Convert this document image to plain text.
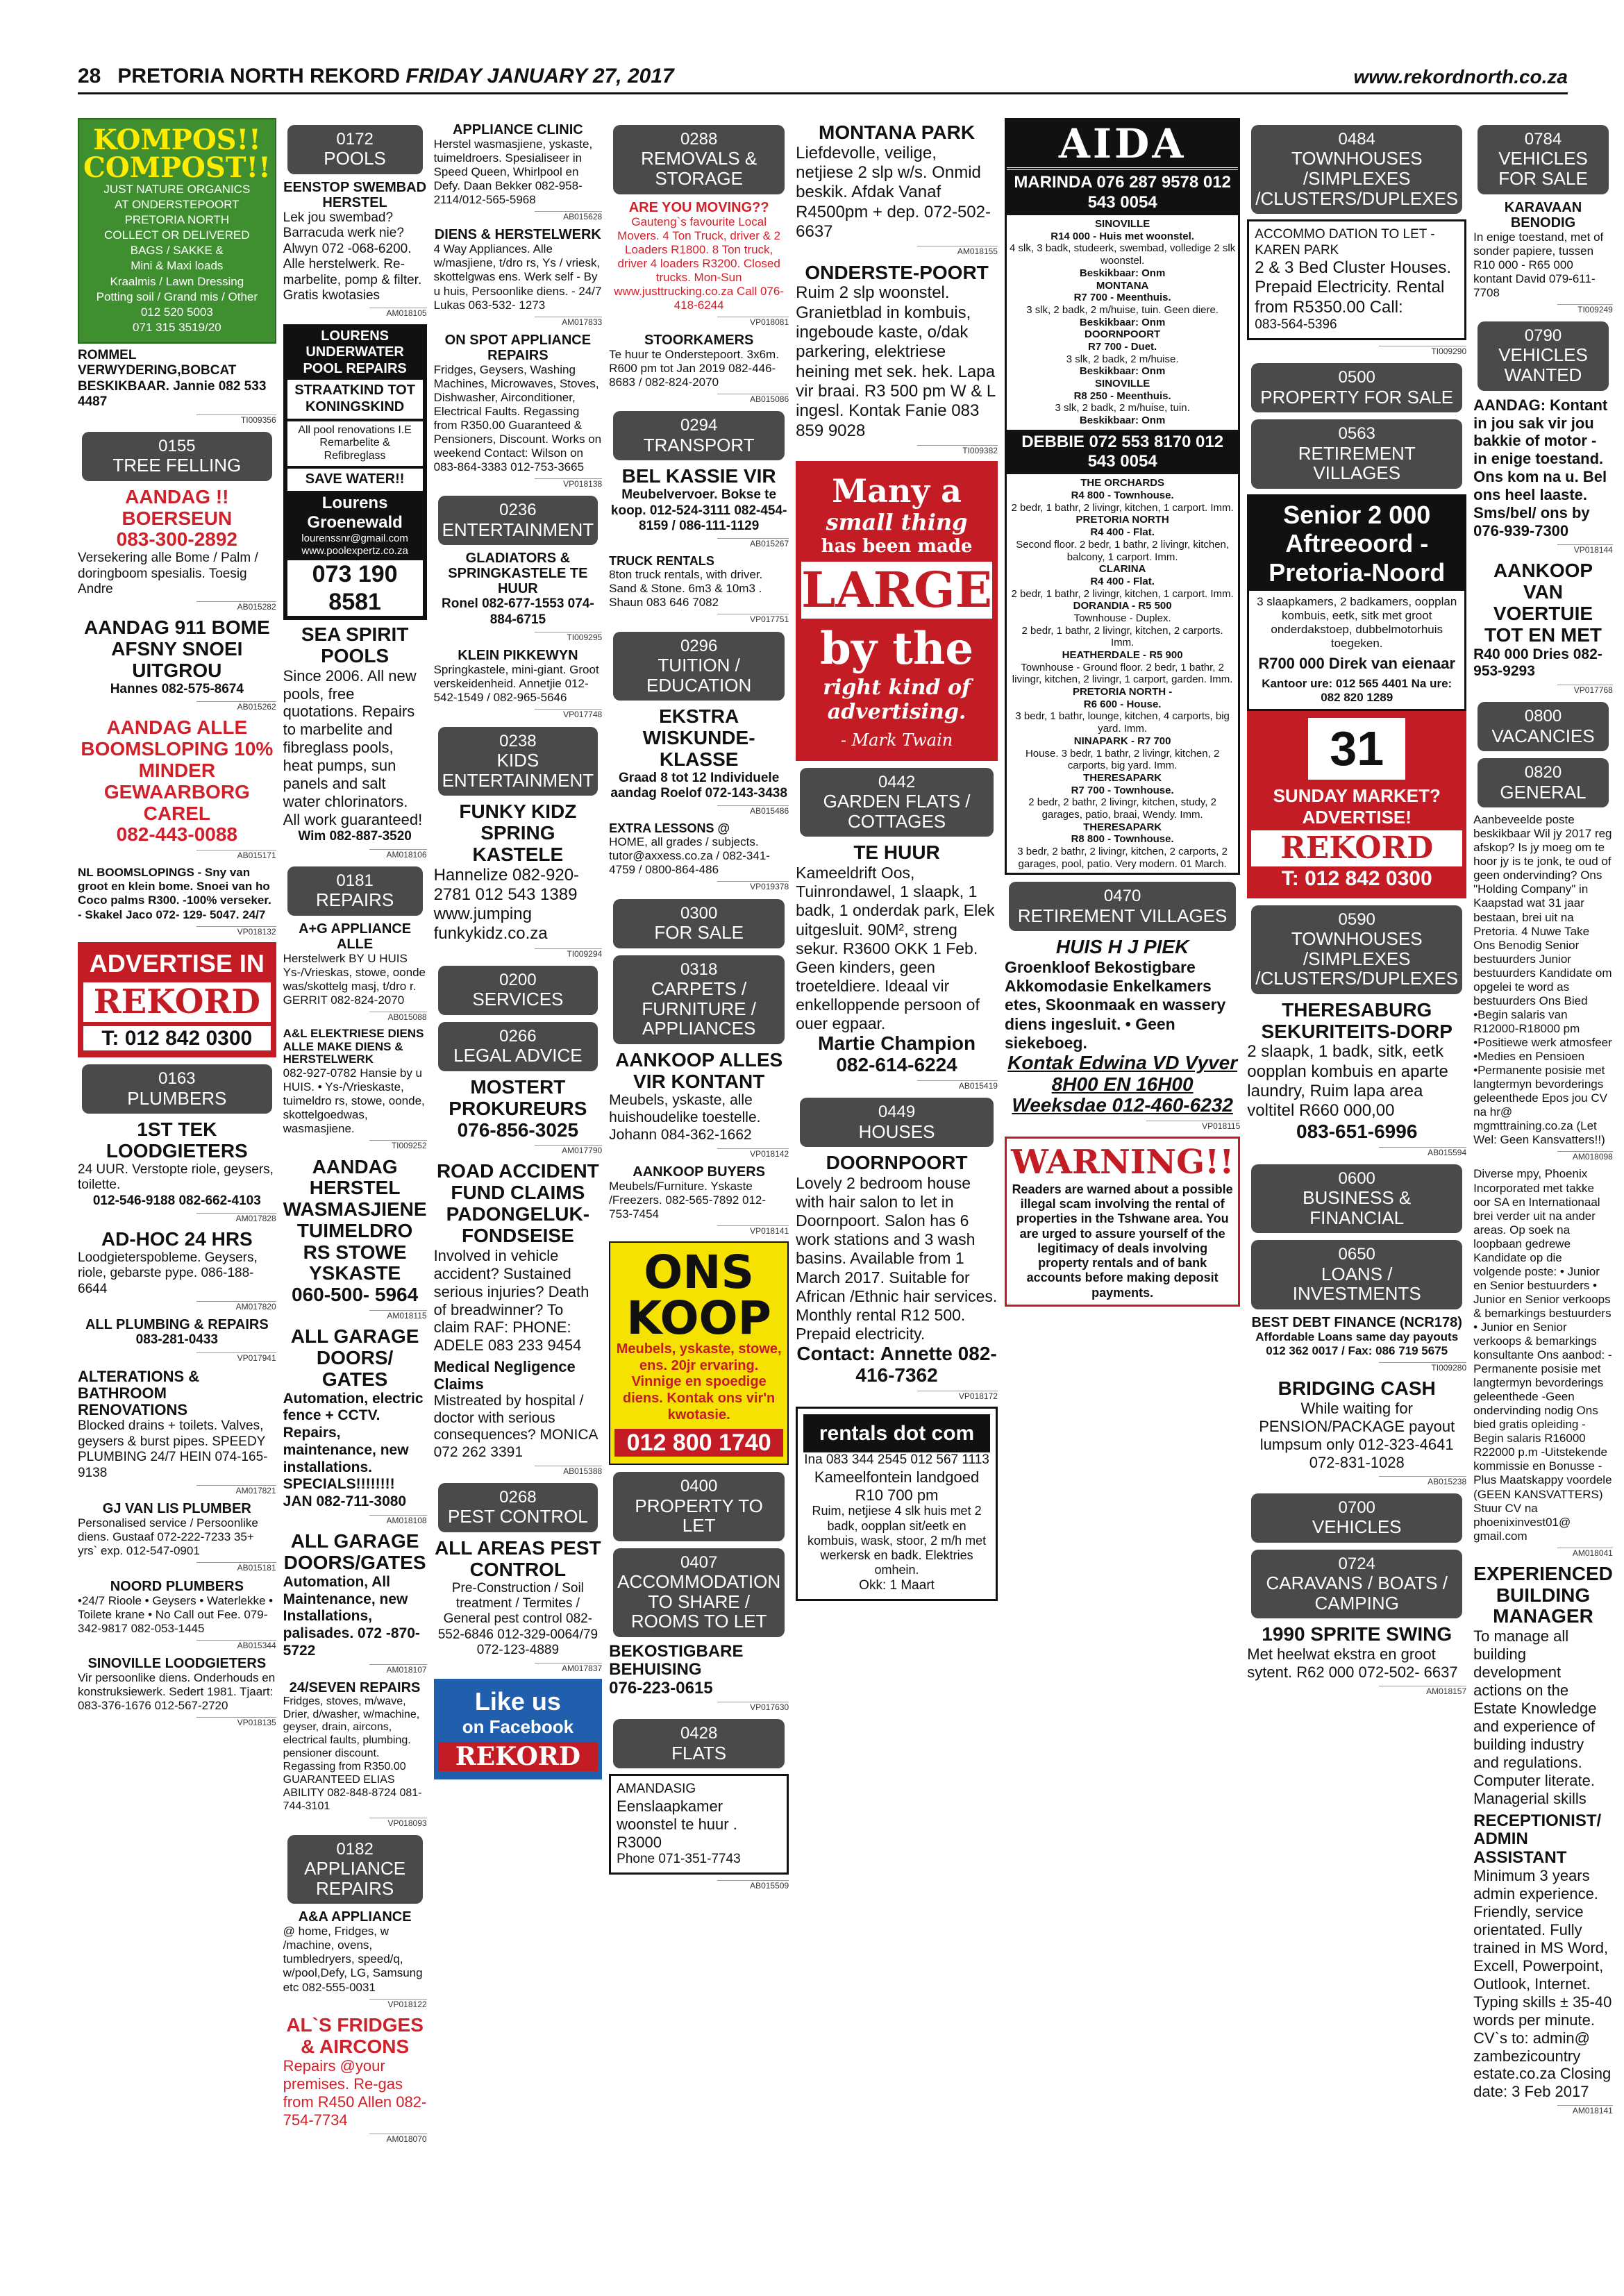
28 PRETORIA NORTH REKORD FRIDAY JANUARY 27, 2017	www.rekordnorth.co.za
KOMPOS!! COMPOST!!
JUST NATURE ORGANICS
AT ONDERSTEPOORT
PRETORIA NORTH
COLLECT OR DELIVERED
BAGS / SAKKE &
Mini & Maxi loads
Kraalmis / Lawn Dressing
Potting soil / Grand mis / Other
012 520 5003
071 315 3519/20
ROMMEL VERWYDERING,BOBCAT BESKIKBAAR. Jannie 082 533 4487
TI009356
0155
TREE FELLING
AANDAG !! BOERSEUN
083-300-2892
Versekering alle Bome / Palm / doringboom spesialis. Toesig Andre
AB015282
AANDAG 911 BOME AFSNY SNOEI UITGROU
Hannes 082-575-8674
AB015262
AANDAG ALLE BOOMSLOPING 10% MINDER GEWAARBORG CAREL
082-443-0088
AB015171
NL BOOMSLOPINGS - Sny van groot en klein bome. Snoei van ho Coco palms R300. -100% verseker. - Skakel Jaco 072- 129- 5047. 24/7
VP018132
ADVERTISE IN
REKORD
T: 012 842 0300
0163
PLUMBERS
1ST TEK LOODGIETERS
24 UUR. Verstopte riole, geysers, toilette.
012-546-9188 082-662-4103
AM017828
AD-HOC 24 HRS
Loodgieterspobleme. Geysers, riole, gebarste pype. 086-188-6644
AM017820
ALL PLUMBING & REPAIRS
083-281-0433
VP017941
ALTERATIONS & BATHROOM RENOVATIONS
Blocked drains + toilets. Valves, geysers & burst pipes. SPEEDY PLUMBING 24/7 HEIN 074-165- 9138
AM017821
GJ VAN LIS PLUMBER
Personalised service / Persoonlike diens. Gustaaf 072-222-7233 35+ yrs` exp. 012-547-0901
AB015181
NOORD PLUMBERS
•24/7 Rioole • Geysers • Waterlekke • Toilete krane • No Call out Fee. 079-342-9817 082-053-1445
AB015344
SINOVILLE LOODGIETERS
Vir persoonlike diens. Onderhouds en konstruksiewerk. Sedert 1981. Tjaart: 083-376-1676 012-567-2720
VP018135
0172
POOLS
EENSTOP SWEMBAD HERSTEL
Lek jou swembad? Barracuda werk nie? Alwyn 072 -068-6200. Alle herstelwerk. Re-marbelite, pomp & filter. Gratis kwotasies
AM018105
LOURENS UNDERWATER POOL REPAIRS
STRAATKIND TOT KONINGSKIND
All pool renovations I.E Remarbelite & Refibreglass
SAVE WATER!!
Lourens Groenewald
lourenssnr@gmail.com www.poolexpertz.co.za
073 190 8581
SEA SPIRIT POOLS
Since 2006. All new pools, free quotations. Repairs to marbelite and fibreglass pools, heat pumps, sun panels and salt water chlorinators. All work guaranteed!
Wim 082-887-3520
AM018106
0181
REPAIRS
A+G APPLIANCE ALLE
Herstelwerk BY U HUIS Ys-/Vrieskas, stowe, oonde was/skottelg masj, t/dro r. GERRIT 082-824-2070
AB015088
A&L ELEKTRIESE DIENS ALLE MAKE DIENS & HERSTELWERK
082-927-0782 Hansie by u HUIS. • Ys-/Vrieskaste, tuimeldro rs, stowe, oonde, skottelgoedwas, wasmasjiene.
TI009252
AANDAG HERSTEL WASMASJIENE TUIMELDRO RS STOWE YSKASTE
060-500- 5964
AM018115
ALL GARAGE DOORS/ GATES
Automation, electric fence + CCTV. Repairs, maintenance, new installations. SPECIALS!!!!!!!! JAN 082-711-3080
AM018108
ALL GARAGE DOORS/GATES
Automation, All Maintenance, new Installations, palisades. 072 -870-5722
AM018107
24/SEVEN REPAIRS
Fridges, stoves, m/wave, Drier, d/washer, w/machine, geyser, drain, aircons, electrical faults, plumbing. pensioner discount. Regassing from R350.00 GUARANTEED ELIAS ABILITY 082-848-8724 081-744-3101
VP018093
0182
APPLIANCE REPAIRS
A&A APPLIANCE
@ home, Fridges, w /machine, ovens, tumbledryers, speed/q, w/pool,Defy, LG, Samsung etc 082-555-0031
VP018122
AL`S FRIDGES & AIRCONS
Repairs @your premises. Re-gas from R450 Allen 082-754-7734
AM018070
APPLIANCE CLINIC
Herstel wasmasjiene, yskaste, tuimeldroers. Spesialiseer in Speed Queen, Whirlpool en Defy. Daan Bekker 082-958-2114/012-565-5968
AB015628
DIENS & HERSTELWERK
4 Way Appliances. Alle w/masjiene, t/dro rs, Ys / vriesk, skottelgwas ens. Werk self - By u huis, Persoonlike diens. - 24/7 Lukas 063-532- 1273
AM017833
ON SPOT APPLIANCE REPAIRS
Fridges, Geysers, Washing Machines, Microwaves, Stoves, Dishwasher, Airconditioner, Electrical Faults. Regassing from R350.00 Guaranteed & Pensioners, Discount. Works on weekend Contact: Wilson on 083-864-3383 012-753-3665
VP018138
0236
ENTERTAINMENT
GLADIATORS & SPRINGKASTELE TE HUUR
Ronel 082-677-1553 074-884-6715
TI009295
KLEIN PIKKEWYN
Springkastele, mini-giant. Groot verskeidenheid. Annetjie 012-542-1549 / 082-965-5646
VP017748
0238
KIDS ENTERTAINMENT
FUNKY KIDZ SPRING KASTELE
Hannelize 082-920-2781 012 543 1389 www.jumping funkykidz.co.za
TI009294
0200
SERVICES
0266
LEGAL ADVICE
MOSTERT PROKUREURS
076-856-3025
AM017790
ROAD ACCIDENT FUND CLAIMS PADONGELUK-FONDSEISE
Involved in vehicle accident? Sustained serious injuries? Death of breadwinner? To claim RAF: PHONE: ADELE 083 233 9454
Medical Negligence Claims
Mistreated by hospital / doctor with serious consequences? MONICA 072 262 3391
AB015388
0268
PEST CONTROL
ALL AREAS PEST CONTROL
Pre-Construction / Soil treatment / Termites / General pest control 082-552-6846 012-329-0064/79 072-123-4889
AM017837
Like us
on Facebook
REKORD
0288
REMOVALS & STORAGE
ARE YOU MOVING??
Gauteng`s favourite Local Movers. 4 Ton Truck, driver & 2 Loaders R1800. 8 Ton truck, driver 4 loaders R3200. Closed trucks. Mon-Sun www.justtrucking.co.za Call 076-418-6244
VP018081
STOORKAMERS
Te huur te Onderstepoort. 3x6m. R600 pm tot Jan 2019 082-446-8683 / 082-824-2070
AB015086
0294
TRANSPORT
BEL KASSIE VIR
Meubelvervoer. Bokse te koop. 012-524-3111 082-454- 8159 / 086-111-1129
AB015267
TRUCK RENTALS
8ton truck rentals, with driver. Sand & Stone. 6m3 & 10m3 . Shaun 083 646 7082
VP017751
0296
TUITION / EDUCATION
EKSTRA WISKUNDE-KLASSE
Graad 8 tot 12 Individuele aandag Roelof 072-143-3438
AB015486
EXTRA LESSONS @
HOME, all grades / subjects. tutor@axxess.co.za / 082-341-4759 / 0800-864-486
VP019378
0300
FOR SALE
0318
CARPETS / FURNITURE / APPLIANCES
AANKOOP ALLES VIR KONTANT
Meubels, yskaste, alle huishoudelike toestelle. Johann 084-362-1662
VP018142
AANKOOP BUYERS
Meubels/Furniture. Yskaste /Freezers. 082-565-7892 012- 753-7454
VP018141
ONS KOOP
Meubels, yskaste, stowe, ens. 20jr ervaring. Vinnige en spoedige diens. Kontak ons vir'n kwotasie.
012 800 1740
0400
PROPERTY TO LET
0407
ACCOMMODATION TO SHARE / ROOMS TO LET
BEKOSTIGBARE BEHUISING
076-223-0615
VP017630
0428
FLATS
AMANDASIG
Eenslaapkamer woonstel te huur . R3000
Phone 071-351-7743
AB015509
MONTANA PARK
Liefdevolle, veilige, netjiese 2 slp w/s. Onmid beskik. Afdak Vanaf R4500pm + dep. 072-502- 6637
AM018155
ONDERSTE-POORT
Ruim 2 slp woonstel. Granietblad in kombuis, ingeboude kaste, o/dak parkering, elektriese heining met sek. hek. Lapa vir braai. R3 500 pm W & L ingesl. Kontak Fanie 083 859 9028
TI009382
Many a
small thing
has been made
LARGE
by the
right kind of advertising.
- Mark Twain
0442
GARDEN FLATS / COTTAGES
TE HUUR
Kameeldrift Oos, Tuinrondawel, 1 slaapk, 1 badk, 1 onderdak park, Elek uitgesluit. 90M², streng sekur. R3600 OKK 1 Feb. Geen kinders, geen troeteldiere. Ideaal vir enkelloppende persoon of ouer egpaar.
Martie Champion 082-614-6224
AB015419
0449
HOUSES
DOORNPOORT
Lovely 2 bedroom house with hair salon to let in Doornpoort. Salon has 6 work stations and 3 wash basins. Available from 1 March 2017. Suitable for African /Ethnic hair services. Monthly rental R12 500. Prepaid electricity.
Contact: Annette 082-416-7362
VP018172
rentals dot com
Ina 083 344 2545 012 567 1113
Kameelfontein landgoed R10 700 pm
Ruim, netjiese 4 slk huis met 2 badk, oopplan sit/eetk en kombuis, wask, stoor, 2 m/h met werkersk en badk. Elektries omhein.
Okk: 1 Maart
AIDA
MARINDA 076 287 9578 012 543 0054
SINOVILLE
R14 000 - Huis met woonstel.
4 slk, 3 badk, studeerk, swembad, volledige 2 slk woonstel.
Beskikbaar: Onm
MONTANA
R7 700 - Meenthuis.
3 slk, 2 badk, 2 m/huise, tuin. Geen diere.
Beskikbaar: Onm
DOORNPOORT
R7 700 - Duet.
3 slk, 2 badk, 2 m/huise.
Beskikbaar: Onm
SINOVILLE
R8 250 - Meenthuis.
3 slk, 2 badk, 2 m/huise, tuin.
Beskikbaar: Onm
DEBBIE 072 553 8170 012 543 0054
THE ORCHARDS
R4 800 - Townhouse.
2 bedr, 1 bathr, 2 livingr, kitchen, 1 carport. Imm.
PRETORIA NORTH
R4 400 - Flat.
Second floor. 2 bedr, 1 bathr, 2 livingr, kitchen, balcony, 1 carport. Imm.
CLARINA
R4 400 - Flat.
2 bedr, 1 bathr, 2 livingr, kitchen, 1 carport. Imm.
DORANDIA - R5 500
Townhouse - Duplex.
2 bedr, 1 bathr, 2 livingr, kitchen, 2 carports. Imm.
HEATHERDALE - R5 900
Townhouse - Ground floor. 2 bedr, 1 bathr, 2 livingr, kitchen, 2 livingr, 1 carport, garden. Imm.
PRETORIA NORTH -
R6 600 - House.
3 bedr, 1 bathr, lounge, kitchen, 4 carports, big yard. Imm.
NINAPARK - R7 700
House. 3 bedr, 1 bathr, 2 livingr, kitchen, 2 carports, big yard. Imm.
THERESAPARK
R7 700 - Townhouse.
2 bedr, 2 bathr, 2 livingr, kitchen, study, 2 garages, patio, braai, Wendy. Imm.
THERESAPARK
R8 800 - Townhouse.
3 bedr, 2 bathr, 2 livingr, kitchen, 2 carports, 2 garages, pool, patio. Very modern. 01 March.
0470
RETIREMENT VILLAGES
HUIS H J PIEK
Groenkloof Bekostigbare Akkomodasie Enkelkamers etes, Skoonmaak en wassery diens ingesluit. • Geen siekeboeg.
Kontak Edwina VD Vyver 8H00 EN 16H00 Weeksdae 012-460-6232
VP018115
WARNING!!
Readers are warned about a possible illegal scam involving the rental of properties in the Tshwane area. You are urged to assure yourself of the legitimacy of deals involving property rentals and of bank accounts before making deposit payments.
0484
TOWNHOUSES /SIMPLEXES /CLUSTERS/DUPLEXES
ACCOMMO DATION TO LET - KAREN PARK
2 & 3 Bed Cluster Houses. Prepaid Electricity. Rental from R5350.00 Call:
083-564-5396
TI009290
0500
PROPERTY FOR SALE
0563
RETIREMENT VILLAGES
Senior 2 000 Aftreeoord - Pretoria-Noord
3 slaapkamers, 2 badkamers, oopplan kombuis, eetk, sitk met groot onderdakstoep, dubbelmotorhuis toegeken.
R700 000 Direk van eienaar
Kantoor ure: 012 565 4401 Na ure: 082 820 1289
31
SUNDAY MARKET? ADVERTISE!
REKORD
T: 012 842 0300
0590
TOWNHOUSES /SIMPLEXES /CLUSTERS/DUPLEXES
THERESABURG SEKURITEITS-DORP
2 slaapk, 1 badk, sitk, eetk oopplan kombuis en aparte laundry, Ruim lapa area voltitel R660 000,00
083-651-6996
AB015594
0600
BUSINESS & FINANCIAL
0650
LOANS / INVESTMENTS
BEST DEBT FINANCE (NCR178)
Affordable Loans same day payouts 012 362 0017 / Fax: 086 719 5675
TI009280
BRIDGING CASH
While waiting for PENSION/PACKAGE payout lumpsum only 012-323-4641 072-831-1028
AB015238
0700
VEHICLES
0724
CARAVANS / BOATS / CAMPING
1990 SPRITE SWING
Met heelwat ekstra en groot sytent. R62 000 072-502- 6637
AM018157
0784
VEHICLES FOR SALE
KARAVAAN BENODIG
In enige toestand, met of sonder papiere, tussen R10 000 - R65 000 kontant David 079-611-7708
TI009249
0790
VEHICLES WANTED
AANDAG: Kontant in jou sak vir jou bakkie of motor - in enige toestand. Ons kom na u. Bel ons heel laaste. Sms/bel/ ons by 076-939-7300
VP018144
AANKOOP VAN VOERTUIE TOT EN MET
R40 000 Dries 082-953-9293
VP017768
0800
VACANCIES
0820
GENERAL
Aanbeveelde poste beskikbaar Wil jy 2017 reg afskop? Is jy moeg om te hoor jy is te jonk, te oud of geen ondervinding? Ons "Holding Company" in Kaapstad wat 31 jaar bestaan, brei uit na Pretoria. 4 Nuwe Take Ons Benodig Senior bestuurders Junior bestuurders Kandidate om opgelei te word as bestuurders Ons Bied •Begin salaris van R12000-R18000 pm •Positiewe werk atmosfeer •Medies en Pensioen •Permanente posisie met langtermyn bevorderings geleenthede Epos jou CV na hr@ mgmttraining.co.za (Let Wel: Geen Kansvatters!!)
AM018098
Diverse mpy, Phoenix Incorporated met takke oor SA en Internationaal brei verder uit na ander areas. Op soek na loopbaan gedrewe Kandidate op die volgende poste: • Junior en Senior bestuurders • Junior en Senior verkoops & bemarkings bestuurders • Junior en Senior verkoops & bemarkings konsultante Ons aanbod: -Permanente posisie met langtermyn bevorderings geleenthede -Geen ondervinding nodig Ons bied gratis opleiding -Begin salaris R16000 R22000 p.m -Uitstekende kommissie en Bonusse -Plus Maatskappy voordele (GEEN KANSVATTERS) Stuur CV na phoenixinvest01@ gmail.com
AM018041
EXPERIENCED BUILDING MANAGER
To manage all building development actions on the Estate Knowledge and experience of building industry and regulations. Computer literate. Managerial skills
RECEPTIONIST/ ADMIN ASSISTANT
Minimum 3 years admin experience. Friendly, service orientated. Fully trained in MS Word, Excell, Powerpoint, Outlook, Internet. Typing skills ± 35-40 words per minute. CV`s to: admin@ zambezicountry estate.co.za Closing date: 3 Feb 2017
AM018141
